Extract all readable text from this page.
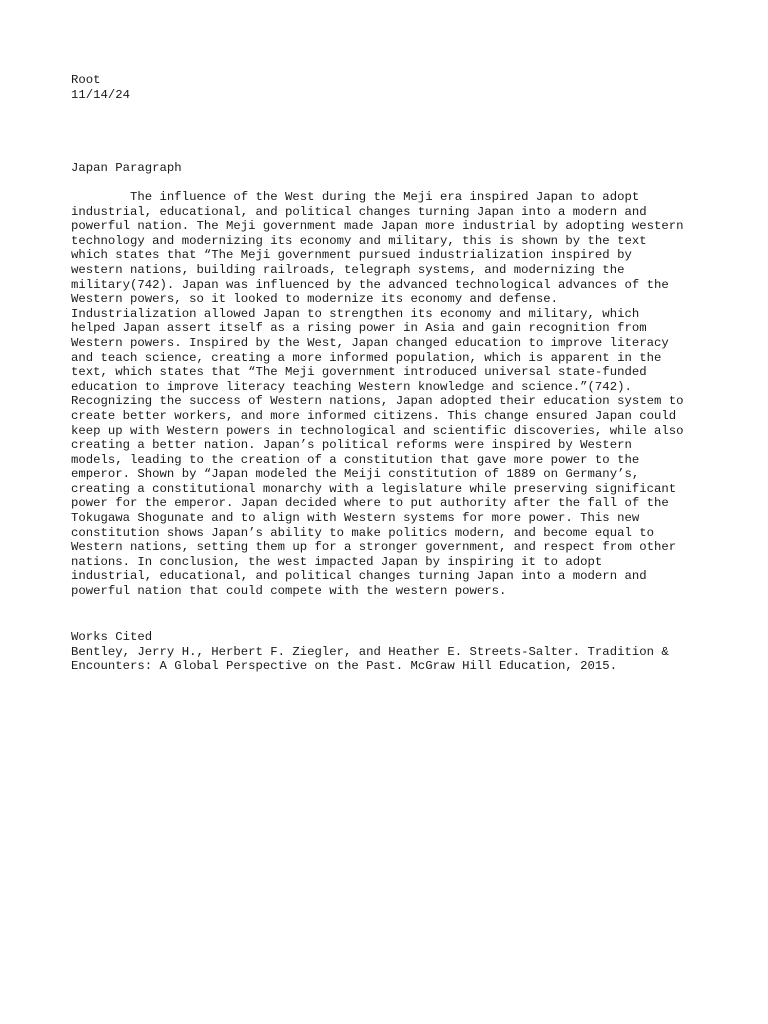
Root
11/14/24
Japan Paragraph
The influence of the West during the Meji era inspired Japan to adopt
industrial, educational, and political changes turning Japan into a modern and
powerful nation. The Meji government made Japan more industrial by adopting western
technology and modernizing its economy and military, this is shown by the text
which states that “The Meji government pursued industrialization inspired by
western nations, building railroads, telegraph systems, and modernizing the
military(742). Japan was influenced by the advanced technological advances of the
Western powers, so it looked to modernize its economy and defense.
Industrialization allowed Japan to strengthen its economy and military, which
helped Japan assert itself as a rising power in Asia and gain recognition from
Western powers. Inspired by the West, Japan changed education to improve literacy
and teach science, creating a more informed population, which is apparent in the
text, which states that “The Meji government introduced universal state-funded
education to improve literacy teaching Western knowledge and science.”(742).
Recognizing the success of Western nations, Japan adopted their education system to
create better workers, and more informed citizens. This change ensured Japan could
keep up with Western powers in technological and scientific discoveries, while also
creating a better nation. Japan’s political reforms were inspired by Western
models, leading to the creation of a constitution that gave more power to the
emperor. Shown by “Japan modeled the Meiji constitution of 1889 on Germany’s,
creating a constitutional monarchy with a legislature while preserving significant
power for the emperor. Japan decided where to put authority after the fall of the
Tokugawa Shogunate and to align with Western systems for more power. This new
constitution shows Japan’s ability to make politics modern, and become equal to
Western nations, setting them up for a stronger government, and respect from other
nations. In conclusion, the west impacted Japan by inspiring it to adopt
industrial, educational, and political changes turning Japan into a modern and
powerful nation that could compete with the western powers.
Works Cited
Bentley, Jerry H., Herbert F. Ziegler, and Heather E. Streets-Salter. Tradition &
Encounters: A Global Perspective on the Past. McGraw Hill Education, 2015.
